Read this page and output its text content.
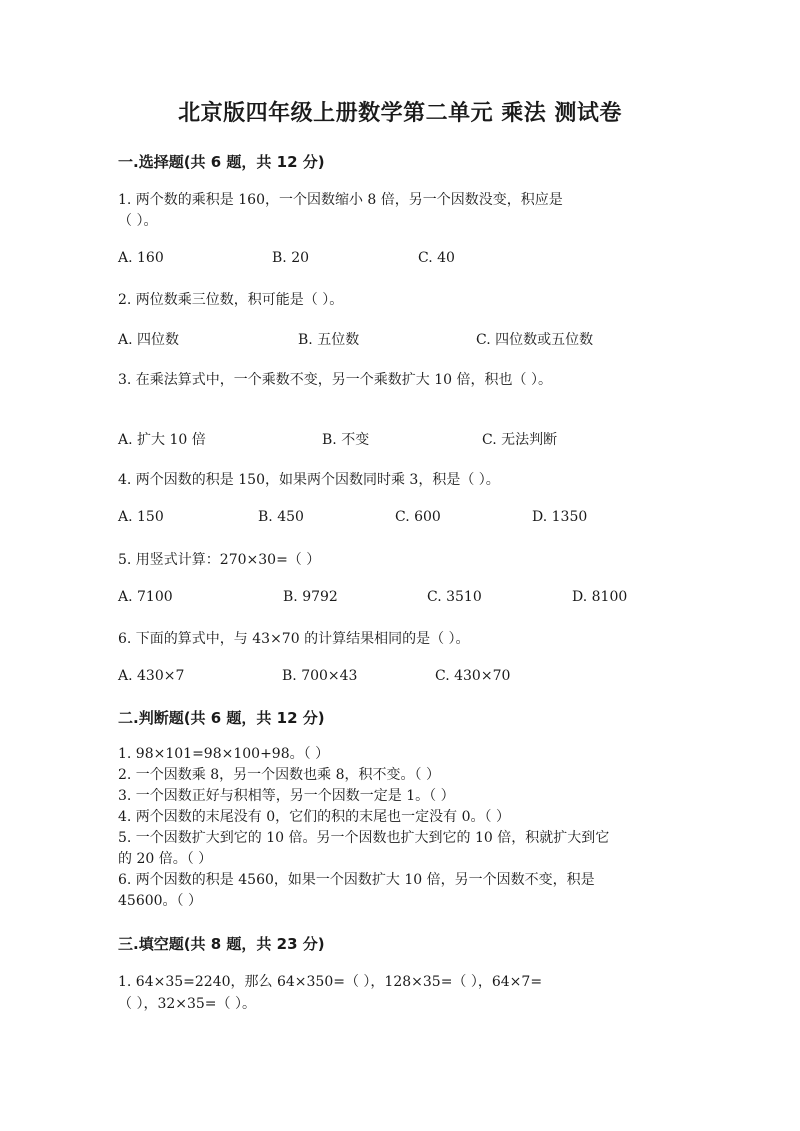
北京版四年级上册数学第二单元 乘法 测试卷
一.选择题(共 6 题，共 12 分)
1. 两个数的乘积是 160，一个因数缩小 8 倍，另一个因数没变，积应是
（ ）。
A. 160	B. 20	C. 40
2. 两位数乘三位数，积可能是（ ）。
A. 四位数	B. 五位数	C. 四位数或五位数
3. 在乘法算式中，一个乘数不变，另一个乘数扩大 10 倍，积也（ ）。
A. 扩大 10 倍	B. 不变	C. 无法判断
4. 两个因数的积是 150，如果两个因数同时乘 3，积是（ ）。
A. 150	B. 450	C. 600	D. 1350
5. 用竖式计算：270×30=（ ）
A. 7100	B. 9792	C. 3510	D. 8100
6. 下面的算式中，与 43×70 的计算结果相同的是（ ）。
A. 430×7	B. 700×43	C. 430×70
二.判断题(共 6 题，共 12 分)
1. 98×101=98×100+98。（ ）
2. 一个因数乘 8，另一个因数也乘 8，积不变。（ ）
3. 一个因数正好与积相等，另一个因数一定是 1。（ ）
4. 两个因数的末尾没有 0，它们的积的末尾也一定没有 0。（ ）
5. 一个因数扩大到它的 10 倍。另一个因数也扩大到它的 10 倍，积就扩大到它
的 20 倍。（ ）
6. 两个因数的积是 4560，如果一个因数扩大 10 倍，另一个因数不变，积是
45600。（ ）
三.填空题(共 8 题，共 23 分)
1. 64×35=2240，那么 64×350=（ ），128×35=（ ），64×7=
（ ），32×35=（ ）。
